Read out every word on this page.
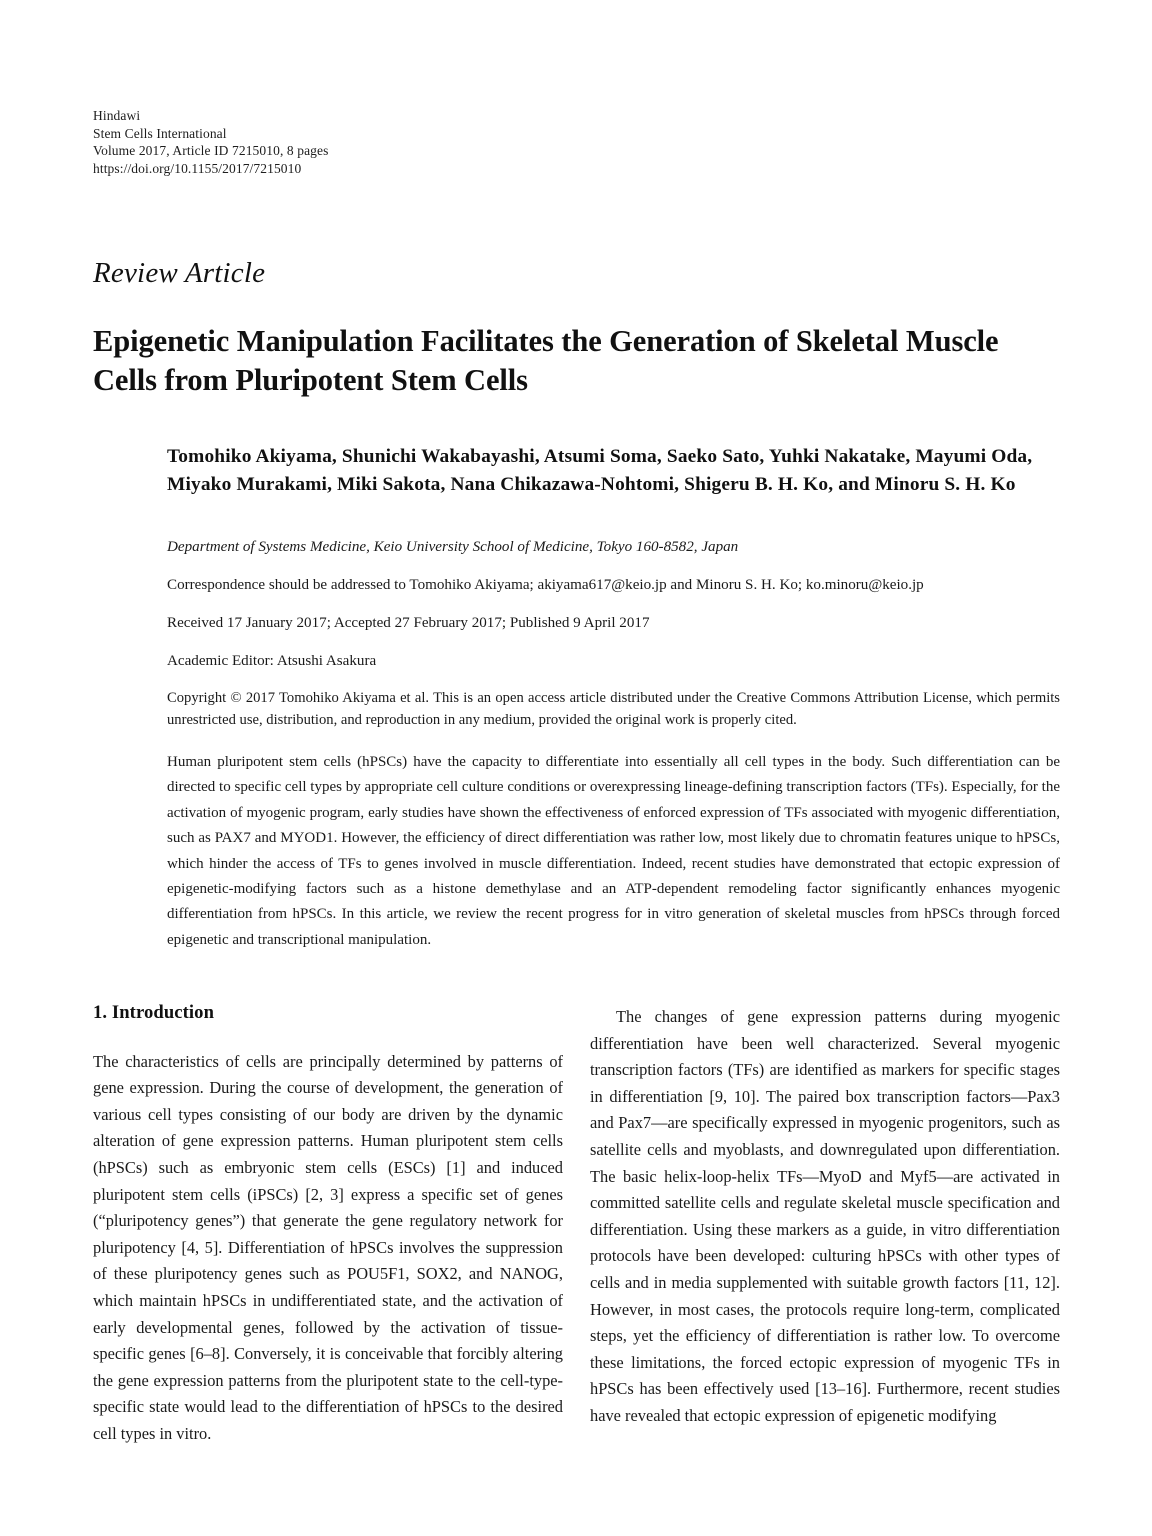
Hindawi
Stem Cells International
Volume 2017, Article ID 7215010, 8 pages
https://doi.org/10.1155/2017/7215010
Review Article
Epigenetic Manipulation Facilitates the Generation of Skeletal Muscle Cells from Pluripotent Stem Cells
Tomohiko Akiyama, Shunichi Wakabayashi, Atsumi Soma, Saeko Sato, Yuhki Nakatake, Mayumi Oda, Miyako Murakami, Miki Sakota, Nana Chikazawa-Nohtomi, Shigeru B. H. Ko, and Minoru S. H. Ko
Department of Systems Medicine, Keio University School of Medicine, Tokyo 160-8582, Japan
Correspondence should be addressed to Tomohiko Akiyama; akiyama617@keio.jp and Minoru S. H. Ko; ko.minoru@keio.jp
Received 17 January 2017; Accepted 27 February 2017; Published 9 April 2017
Academic Editor: Atsushi Asakura
Copyright © 2017 Tomohiko Akiyama et al. This is an open access article distributed under the Creative Commons Attribution License, which permits unrestricted use, distribution, and reproduction in any medium, provided the original work is properly cited.

Human pluripotent stem cells (hPSCs) have the capacity to differentiate into essentially all cell types in the body. Such differentiation can be directed to specific cell types by appropriate cell culture conditions or overexpressing lineage-defining transcription factors (TFs). Especially, for the activation of myogenic program, early studies have shown the effectiveness of enforced expression of TFs associated with myogenic differentiation, such as PAX7 and MYOD1. However, the efficiency of direct differentiation was rather low, most likely due to chromatin features unique to hPSCs, which hinder the access of TFs to genes involved in muscle differentiation. Indeed, recent studies have demonstrated that ectopic expression of epigenetic-modifying factors such as a histone demethylase and an ATP-dependent remodeling factor significantly enhances myogenic differentiation from hPSCs. In this article, we review the recent progress for in vitro generation of skeletal muscles from hPSCs through forced epigenetic and transcriptional manipulation.

1. Introduction

The characteristics of cells are principally determined by patterns of gene expression. During the course of development, the generation of various cell types consisting of our body are driven by the dynamic alteration of gene expression patterns. Human pluripotent stem cells (hPSCs) such as embryonic stem cells (ESCs) [1] and induced pluripotent stem cells (iPSCs) [2, 3] express a specific set of genes (“pluripotency genes”) that generate the gene regulatory network for pluripotency [4, 5]. Differentiation of hPSCs involves the suppression of these pluripotency genes such as POU5F1, SOX2, and NANOG, which maintain hPSCs in undifferentiated state, and the activation of early developmental genes, followed by the activation of tissue-specific genes [6–8]. Conversely, it is conceivable that forcibly altering the gene expression patterns from the pluripotent state to the cell-type-specific state would lead to the differentiation of hPSCs to the desired cell types in vitro.

The changes of gene expression patterns during myogenic differentiation have been well characterized. Several myogenic transcription factors (TFs) are identified as markers for specific stages in differentiation [9, 10]. The paired box transcription factors—Pax3 and Pax7—are specifically expressed in myogenic progenitors, such as satellite cells and myoblasts, and downregulated upon differentiation. The basic helix-loop-helix TFs—MyoD and Myf5—are activated in committed satellite cells and regulate skeletal muscle specification and differentiation. Using these markers as a guide, in vitro differentiation protocols have been developed: culturing hPSCs with other types of cells and in media supplemented with suitable growth factors [11, 12]. However, in most cases, the protocols require long-term, complicated steps, yet the efficiency of differentiation is rather low. To overcome these limitations, the forced ectopic expression of myogenic TFs in hPSCs has been effectively used [13–16]. Furthermore, recent studies have revealed that ectopic expression of epigenetic modifying
